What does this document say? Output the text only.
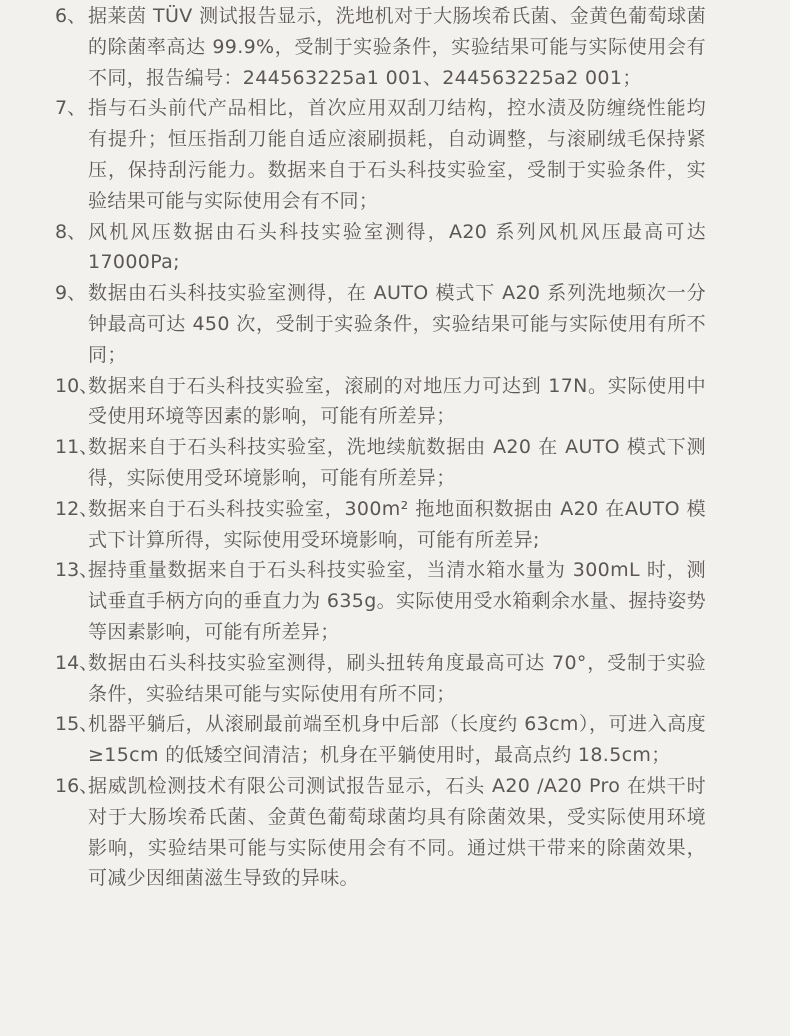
6、 据莱茵 TÜV 测试报告显示，洗地机对于大肠埃希氏菌、金黄色葡萄球菌的除菌率高达 99.9%，受制于实验条件，实验结果可能与实际使用会有不同，报告编号：244563225a1 001、244563225a2 001；
7、 指与石头前代产品相比，首次应用双刮刀结构，控水渍及防缠绕性能均有提升；恒压指刮刀能自适应滚刷损耗，自动调整，与滚刷绒毛保持紧压，保持刮污能力。数据来自于石头科技实验室，受制于实验条件，实验结果可能与实际使用会有不同；
8、 风机风压数据由石头科技实验室测得，A20 系列风机风压最高可达 17000Pa;
9、 数据由石头科技实验室测得，在 AUTO 模式下 A20 系列洗地频次一分钟最高可达 450 次，受制于实验条件，实验结果可能与实际使用有所不同；
10、
数据来自于石头科技实验室，滚刷的对地压力可达到 17N。实际使用中受使用环境等因素的影响，可能有所差异；
11、
数据来自于石头科技实验室，洗地续航数据由 A20 在 AUTO 模式下测得，实际使用受环境影响，可能有所差异；
12、
数据来自于石头科技实验室，300m² 拖地面积数据由 A20 在AUTO 模式下计算所得，实际使用受环境影响，可能有所差异;
13、
握持重量数据来自于石头科技实验室，当清水箱水量为 300mL 时，测试垂直手柄方向的垂直力为 635g。实际使用受水箱剩余水量、握持姿势等因素影响，可能有所差异；
14、
数据由石头科技实验室测得，刷头扭转角度最高可达 70°，受制于实验条件，实验结果可能与实际使用有所不同；
15、
机器平躺后，从滚刷最前端至机身中后部（长度约 63cm），可进入高度≥15cm 的低矮空间清洁；机身在平躺使用时，最高点约 18.5cm；
16、
据威凯检测技术有限公司测试报告显示，石头 A20 /A20 Pro 在烘干时对于大肠埃希氏菌、金黄色葡萄球菌均具有除菌效果，受实际使用环境影响，实验结果可能与实际使用会有不同。通过烘干带来的除菌效果，可减少因细菌滋生导致的异味。
